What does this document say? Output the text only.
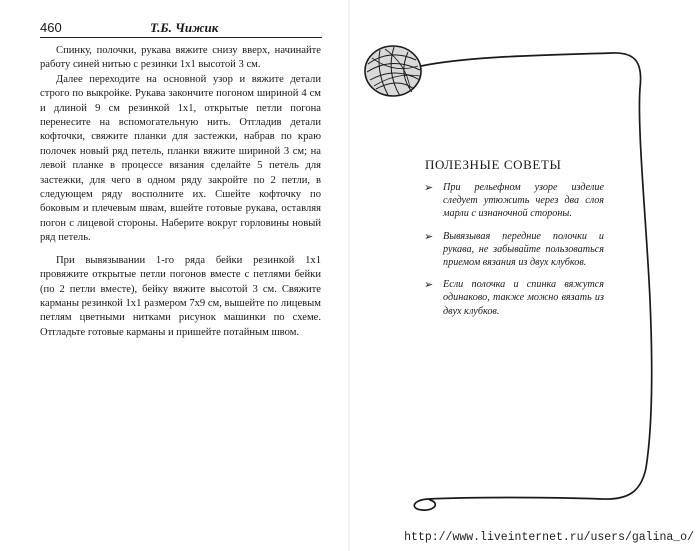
460	Т.Б. Чижик

Спинку, полочки, рукава вяжите снизу вверх, начинайте работу синей нитью с резинки 1х1 высотой 3 см.

Далее переходите на основной узор и вяжите детали строго по выкройке. Рукава закончите погоном шириной 4 см и длиной 9 см резинкой 1х1, открытые петли погона перенесите на вспомогательную нить. Отгладив детали кофточки, свяжите планки для застежки, набрав по краю полочек новый ряд петель, планки вяжите шириной 3 см; на левой планке в процессе вязания сделайте 5 петель для застежки, для чего в одном ряду закройте по 2 петли, в следующем ряду восполните их. Сшейте кофточку по боковым и плечевым швам, вшейте готовые рукава, оставляя погон с лицевой стороны. Наберите вокруг горловины новый ряд петель.

При вывязывании 1-го ряда бейки резинкой 1х1 провяжите открытые петли погонов вместе с петлями бейки (по 2 петли вместе), бейку вяжите высотой 3 см. Свяжите карманы резинкой 1х1 размером 7х9 см, вышейте по лицевым петлям цветными нитками рисунок машинки по схеме. Отгладьте готовые карманы и пришейте потайным швом.

ПОЛЕЗНЫЕ СОВЕТЫ
➢ При рельефном узоре изделие следует утюжить через два слоя марли с изнаночной стороны.
➢ Вывязывая передние полочки и рукава, не забывайте пользоваться приемом вязания из двух клубков.
➢ Если полочка и спинка вяжутся одинаково, также можно вязать из двух клубков.
http://www.liveinternet.ru/users/galina_o/
